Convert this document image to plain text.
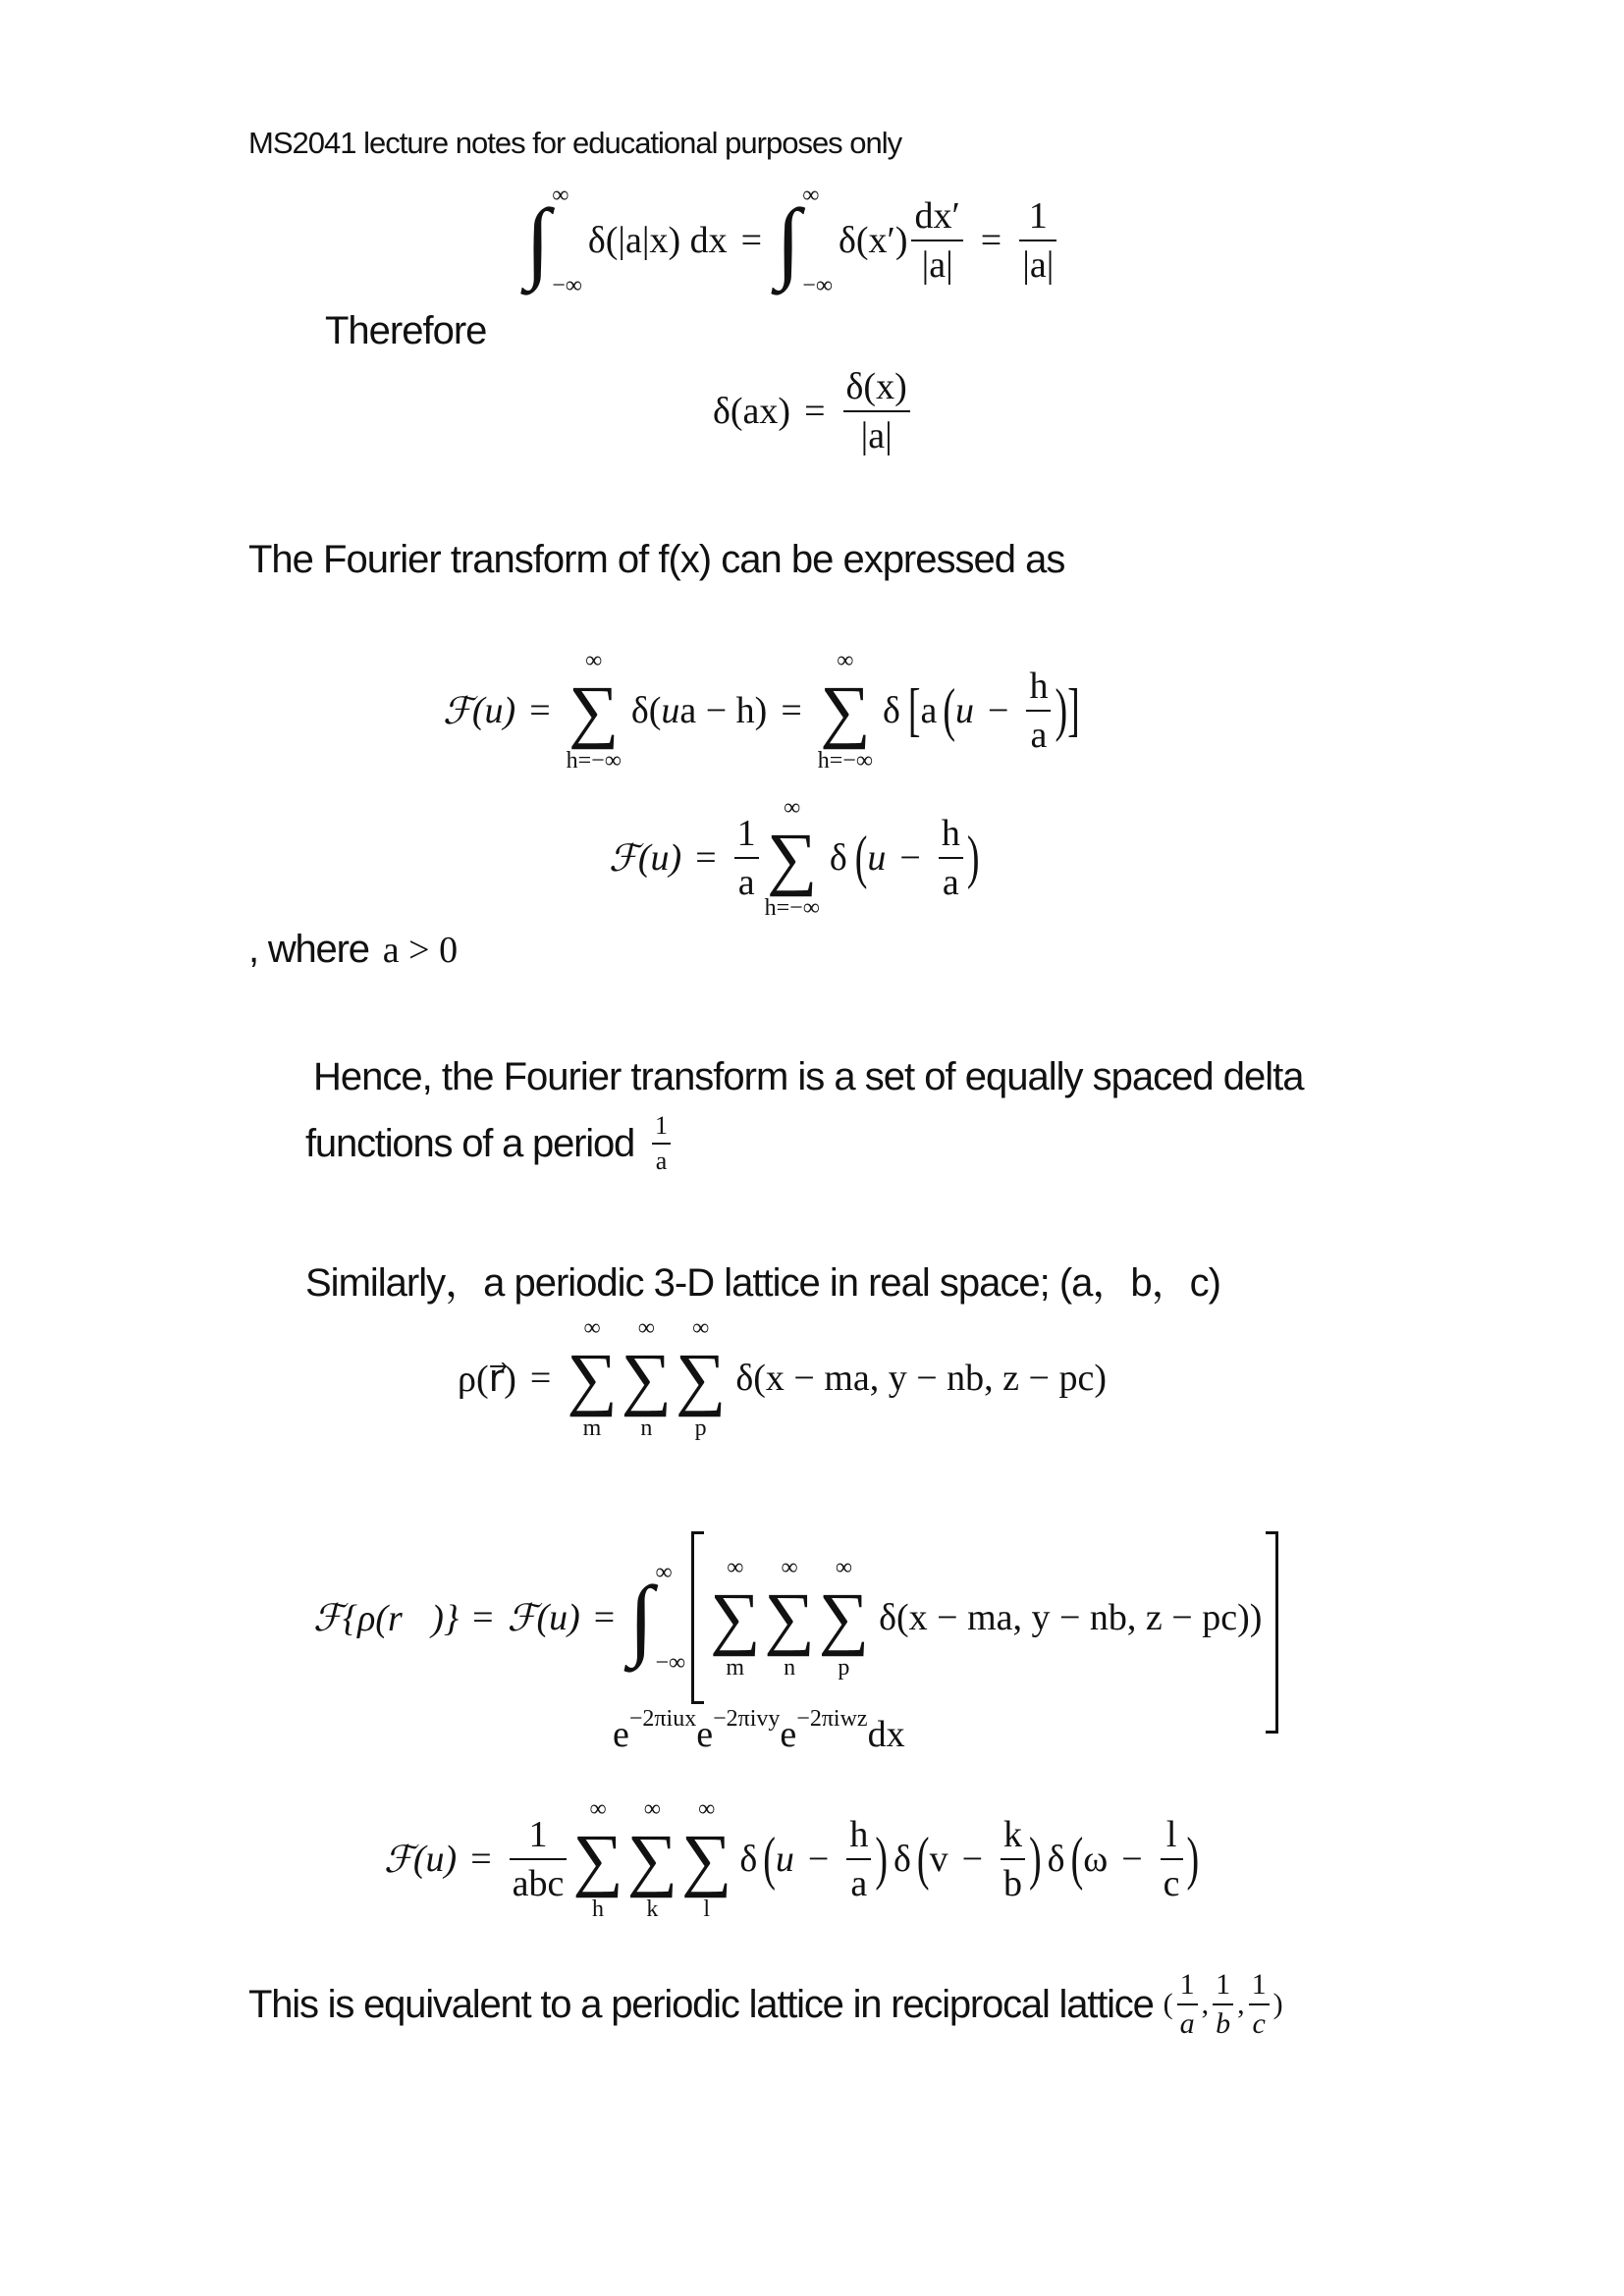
MS2041 lecture notes for educational purposes only
∫ ∞
−∞
δ(|a|x) dx = ∫ ∞
−∞
$\delta(x') \frac{dx'}{|a|} = \frac{1}{|a|}$
Therefore
$\delta(ax) = \frac{\delta(x)}{|a|}$
The Fourier transform of f(x) can be expressed as
ℱ (u) =
∞
∑
h=−∞
δ( u a − h) =
∞
∑
h=−∞
δ [ a ( $u - \frac{h}{a}$ ) ]
ℱ $(u) = \frac{1}{a}$
∞
∑
h=−∞
δ ( $u - \frac{h}{a}$ )
, where a > 0
Hence, the Fourier transform is a set of equally spaced delta
functions of a period $\frac{1}{a}$
Similarly，a periodic 3-D lattice in real space; (a，b，c)
ρ(r⃗) =
∞
∑
m
∞
∑
n
∞
∑
p
δ(x − ma, y − nb, z − pc)
ℱ{ρ(r⃗)} = ℱ (u) = ∫ ∞
−∞
∞
∑
m
∞
∑
n
∞
∑
p
δ(x − ma, y − nb, z − pc))
$e^{-2\pi iux}$ $e^{-2\pi ivy}$ $e^{-2\pi iwz}$ dx
ℱ $(u) = \frac{1}{\text{abc}}$
∞
∑
h
∞
∑
k
∞
∑
l
δ ( $u - \frac{h}{a}$ ) δ ( $v - \frac{k}{b}$ ) δ ( $\omega - \frac{l}{c}$ )
This is equivalent to a periodic lattice in reciprocal lattice ( $\frac{1}{a}$ , $\frac{1}{b}$ , $\frac{1}{c}$ )
